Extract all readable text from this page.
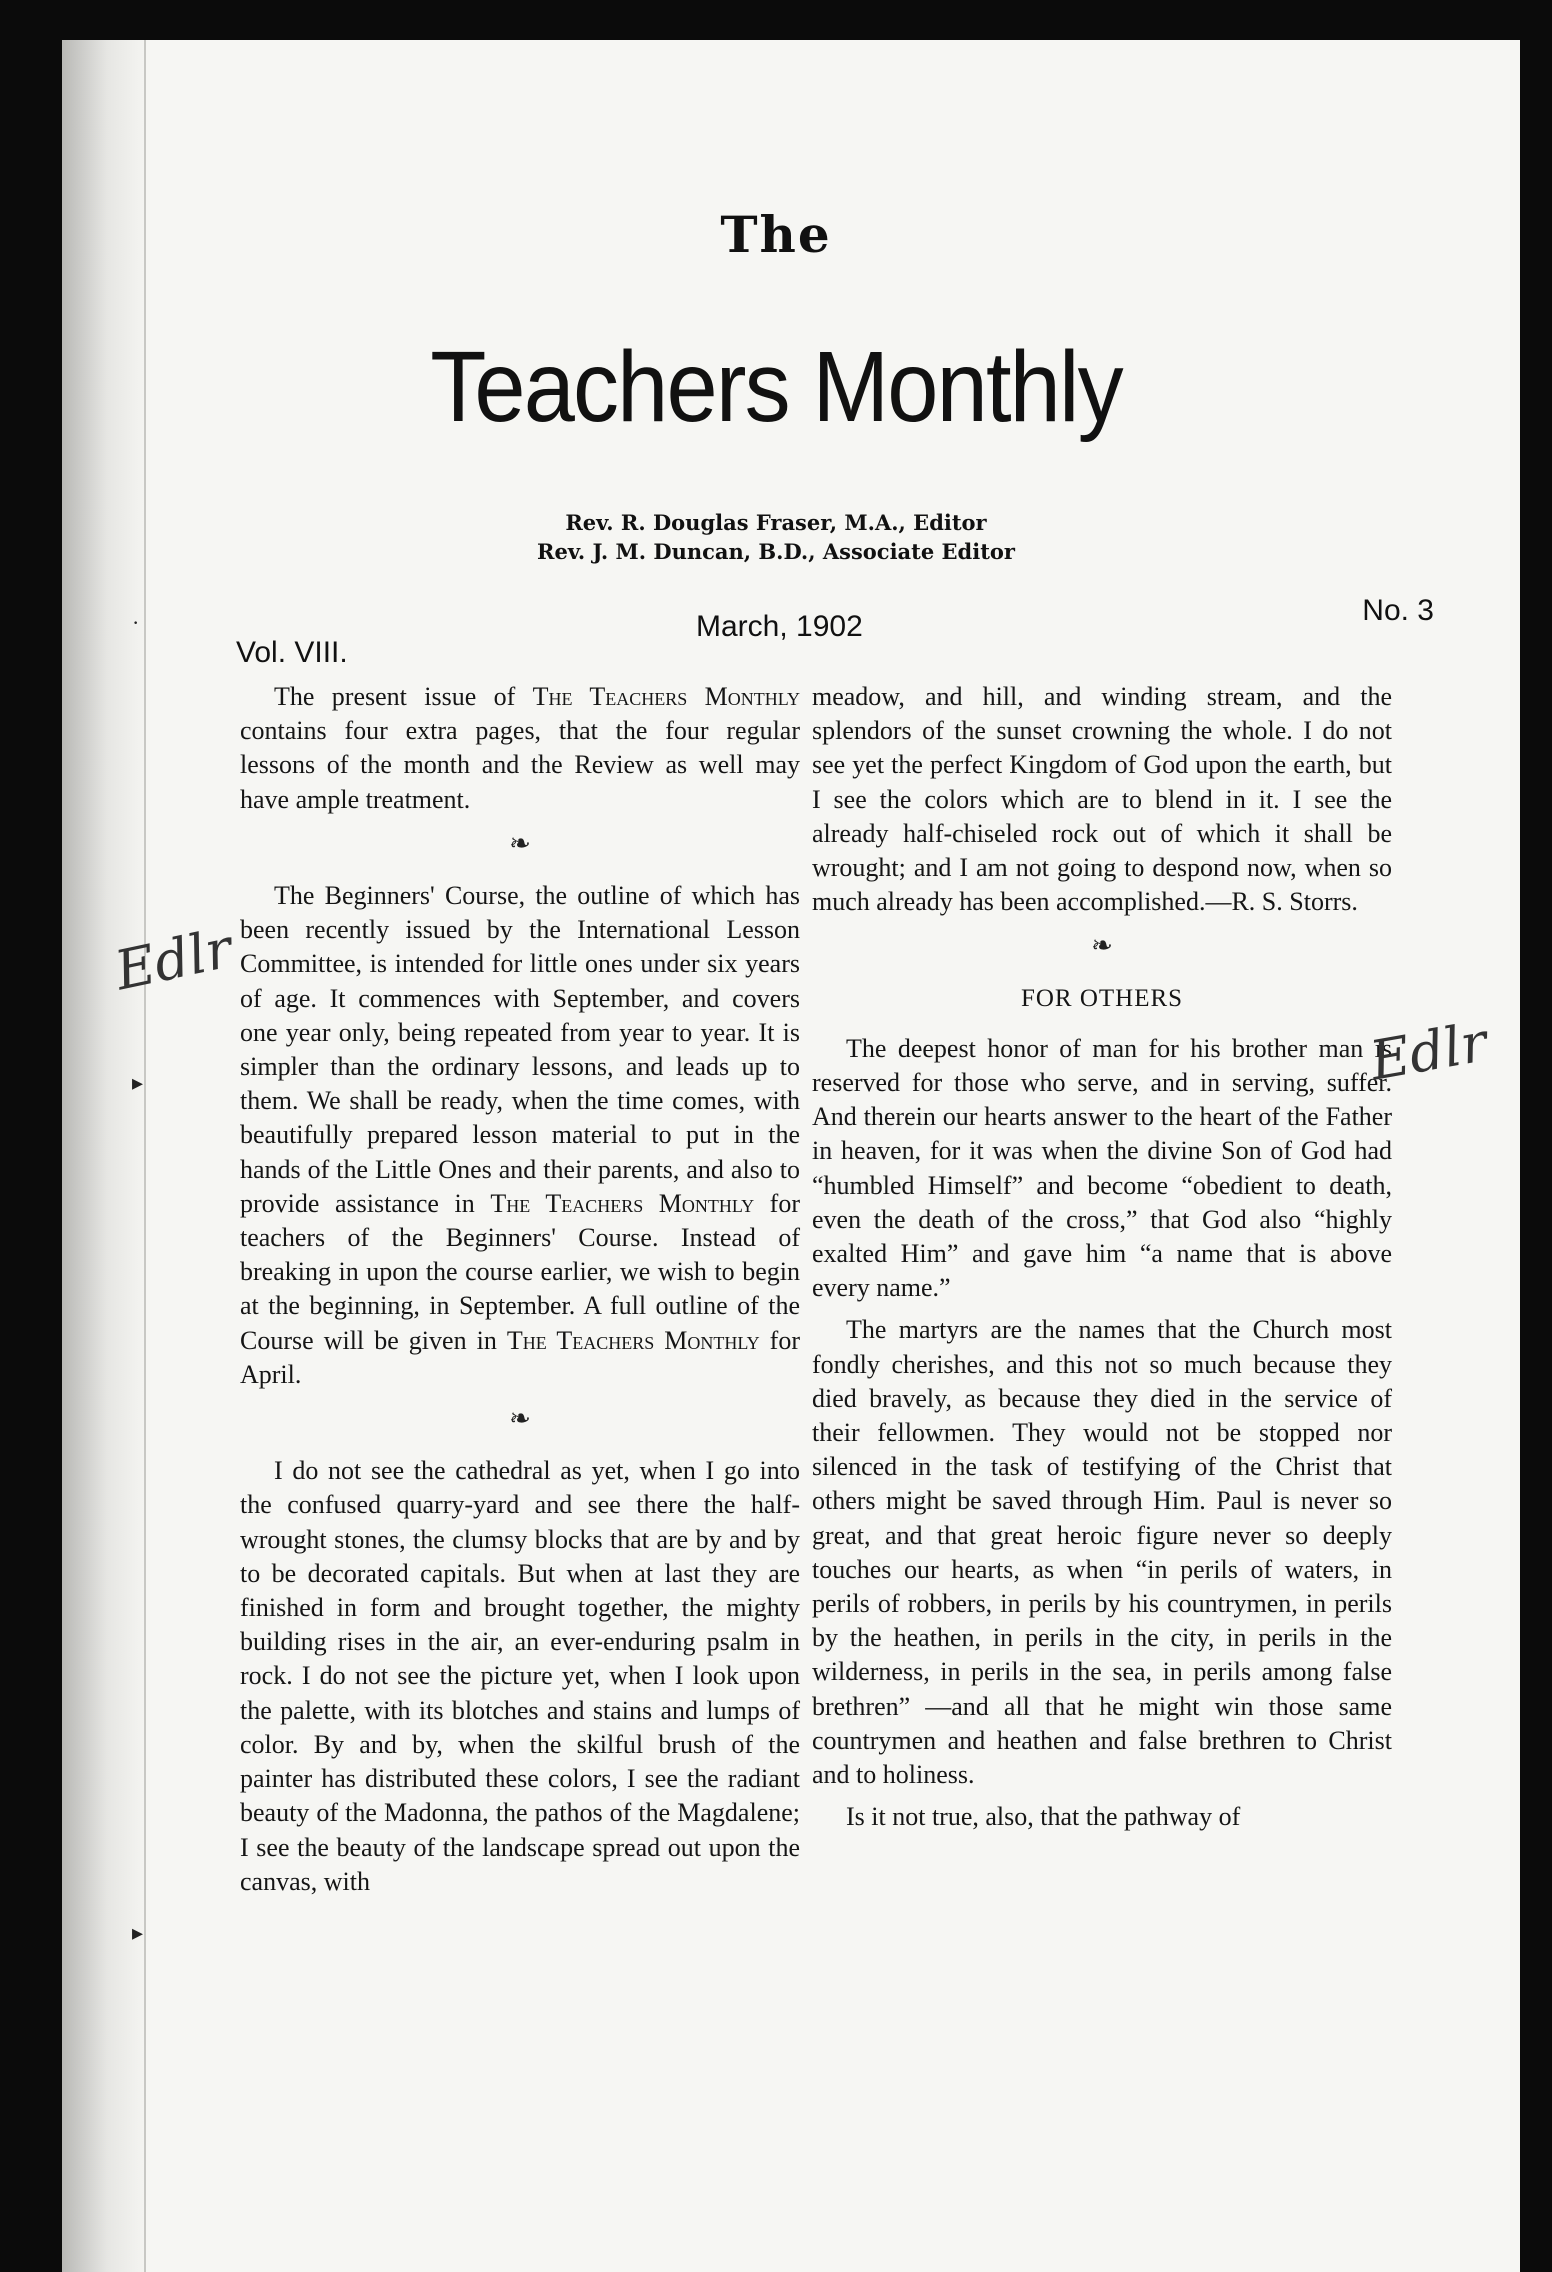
·
▸
▸
The
Teachers Monthly
Rev. R. Douglas Fraser, M.A., Editor
Rev. J. M. Duncan, B.D., Associate Editor
Vol. VIII.
March, 1902	No. 3

The present issue of The Teachers Monthly contains four extra pages, that the four regular lessons of the month and the Review as well may have ample treatment.

❧

The Beginners' Course, the outline of which has been recently issued by the International Lesson Committee, is intended for little ones under six years of age. It commences with September, and covers one year only, being repeated from year to year. It is simpler than the ordinary lessons, and leads up to them. We shall be ready, when the time comes, with beautifully prepared lesson material to put in the hands of the Little Ones and their parents, and also to provide assistance in The Teachers Monthly for teachers of the Beginners' Course. Instead of breaking in upon the course earlier, we wish to begin at the beginning, in September. A full outline of the Course will be given in The Teachers Monthly for April.

❧

I do not see the cathedral as yet, when I go into the confused quarry-yard and see there the half-wrought stones, the clumsy blocks that are by and by to be decorated capitals. But when at last they are finished in form and brought together, the mighty building rises in the air, an ever-enduring psalm in rock. I do not see the picture yet, when I look upon the palette, with its blotches and stains and lumps of color. By and by, when the skilful brush of the painter has distributed these colors, I see the radiant beauty of the Madonna, the pathos of the Magdalene; I see the beauty of the landscape spread out upon the canvas, with

meadow, and hill, and winding stream, and the splendors of the sunset crowning the whole. I do not see yet the perfect Kingdom of God upon the earth, but I see the colors which are to blend in it. I see the already half-chiseled rock out of which it shall be wrought; and I am not going to despond now, when so much already has been accomplished.—R. S. Storrs.

❧
FOR OTHERS

The deepest honor of man for his brother man is reserved for those who serve, and in serving, suffer. And therein our hearts answer to the heart of the Father in heaven, for it was when the divine Son of God had “humbled Himself” and become “obedient to death, even the death of the cross,” that God also “highly exalted Him” and gave him “a name that is above every name.”

The martyrs are the names that the Church most fondly cherishes, and this not so much because they died bravely, as because they died in the service of their fellowmen. They would not be stopped nor silenced in the task of testifying of the Christ that others might be saved through Him. Paul is never so great, and that great heroic figure never so deeply touches our hearts, as when “in perils of waters, in perils of robbers, in perils by his countrymen, in perils by the heathen, in perils in the city, in perils in the wilderness, in perils in the sea, in perils among false brethren” —and all that he might win those same countrymen and heathen and false brethren to Christ and to holiness.

Is it not true, also, that the pathway of

Edlr
Edlr
